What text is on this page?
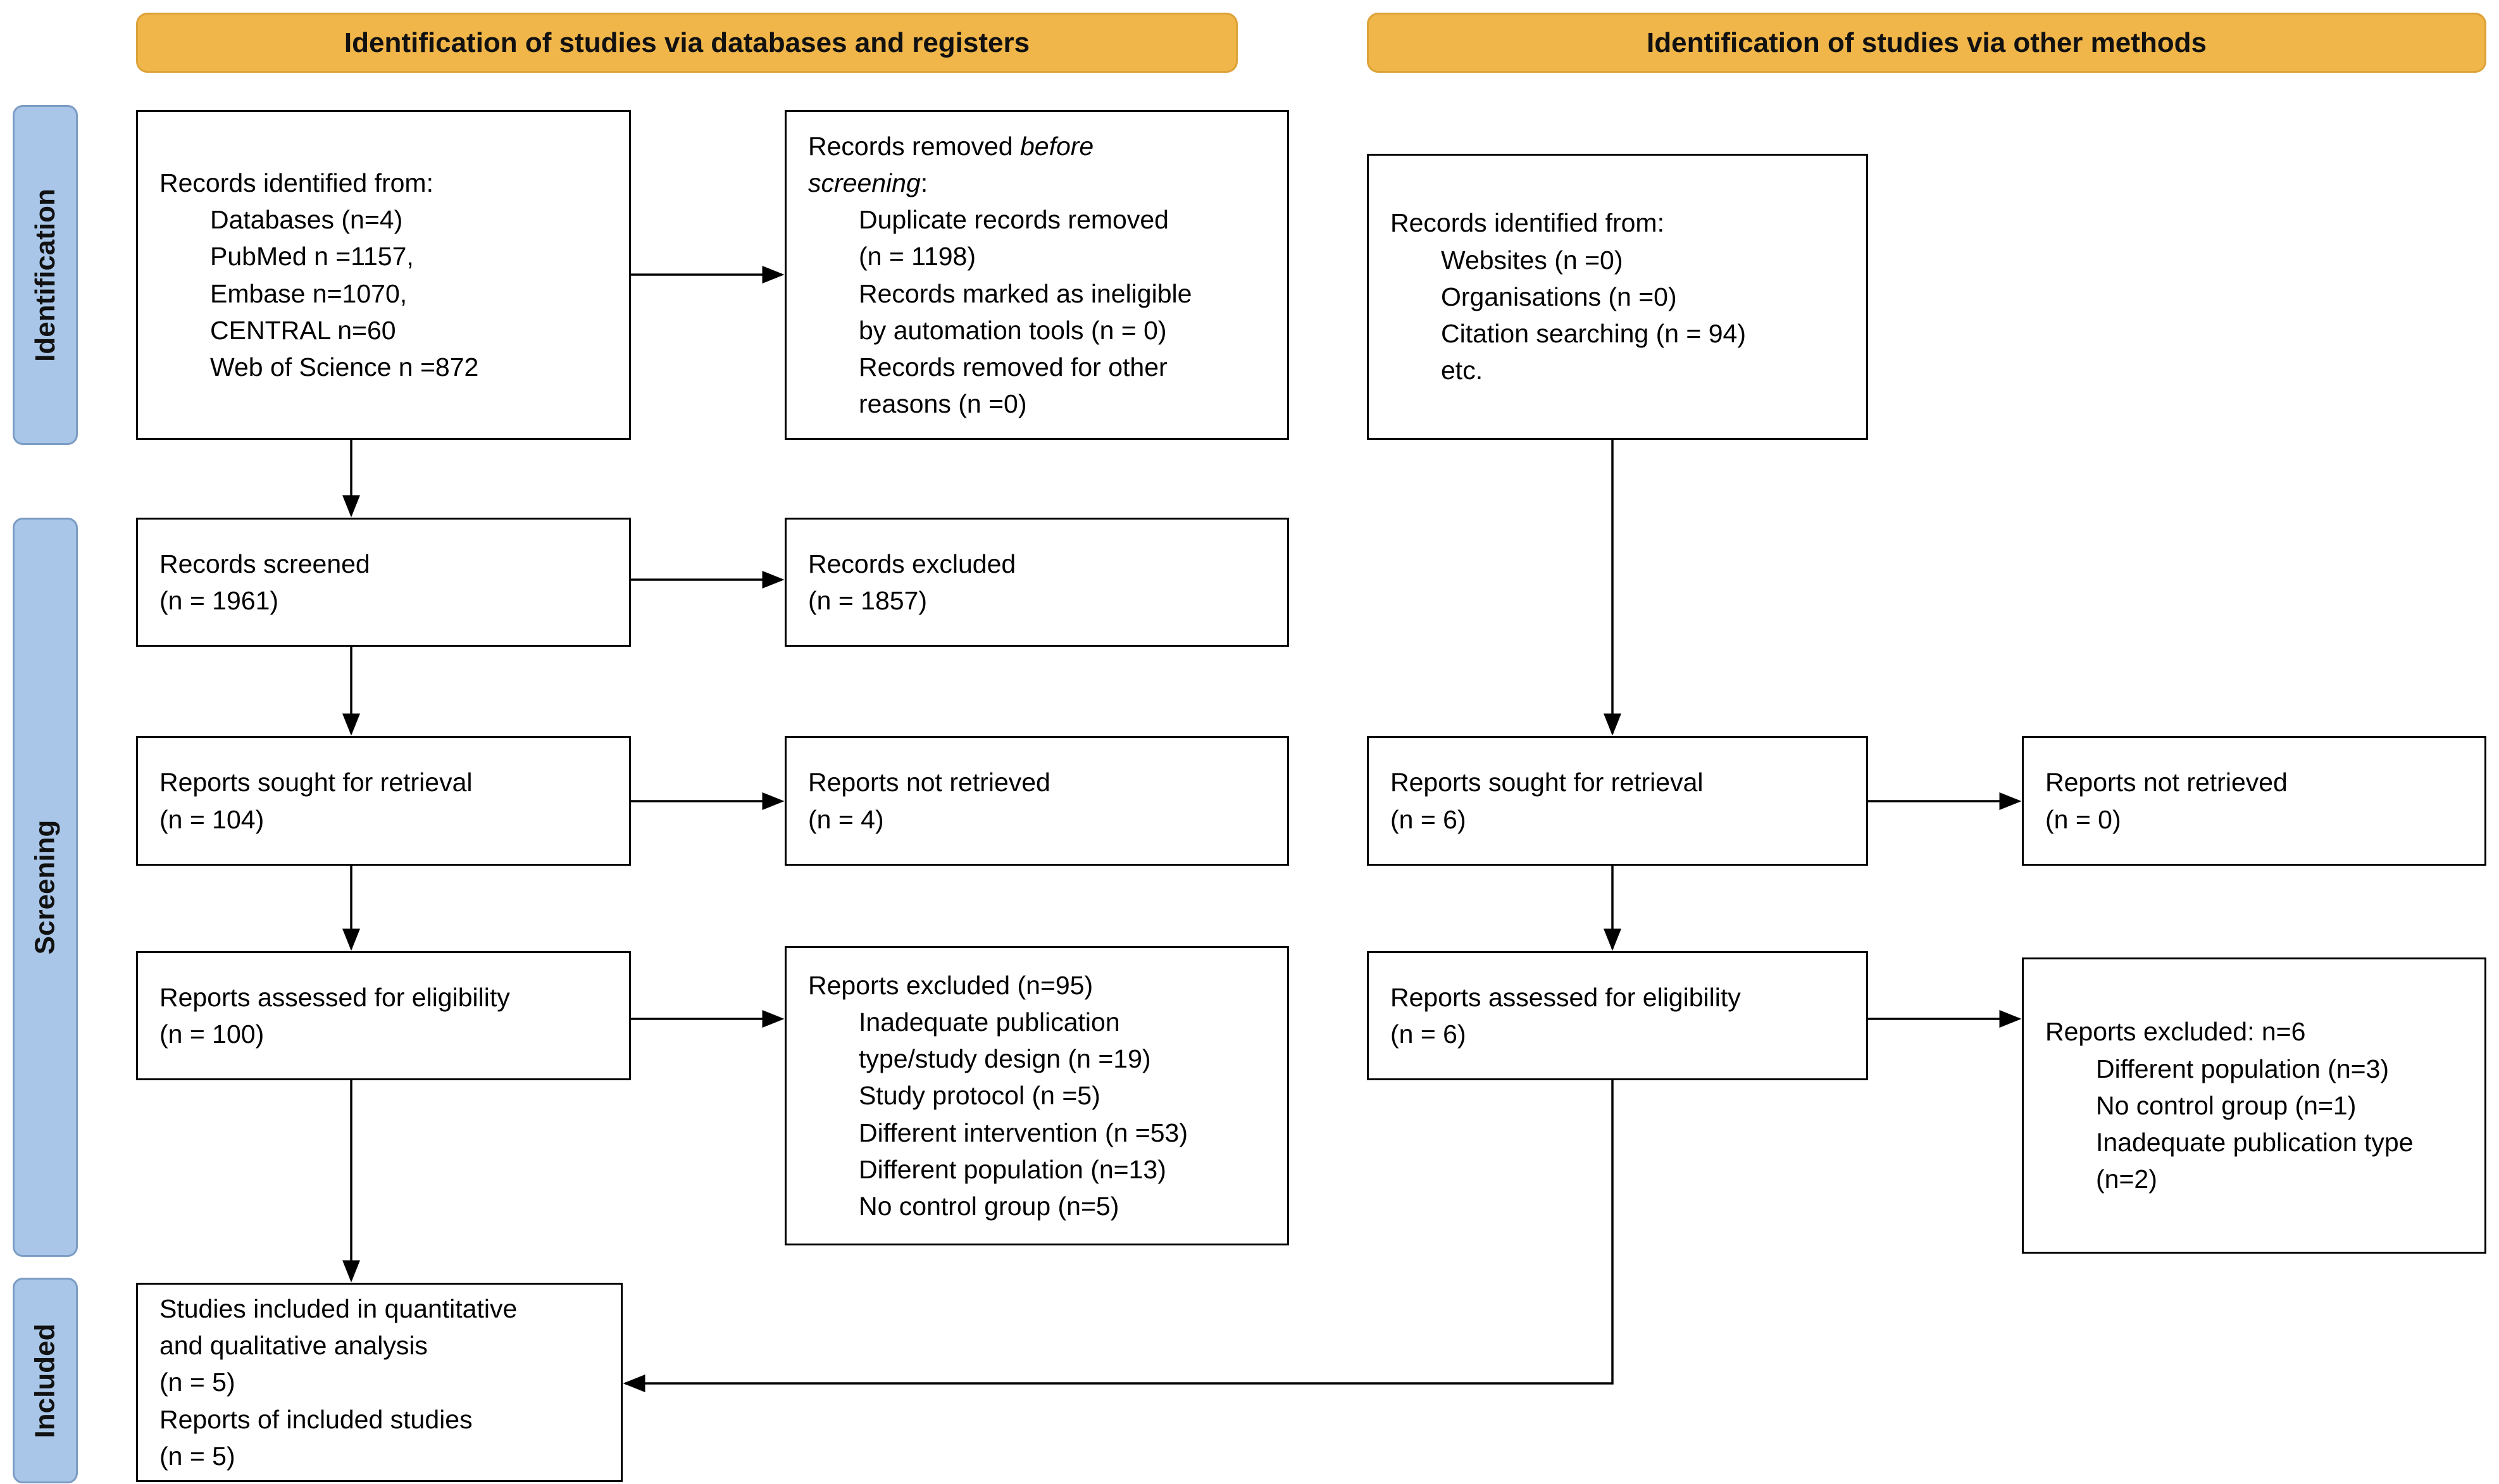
Identification of studies via databases and registers	Identification of studies via other methods
Identification
Screening
Included
Records identified from:
Databases (n=4)
PubMed n =1157,
Embase n=1070,
CENTRAL n=60
Web of Science n =872
Records screened
(n = 1961)
Reports sought for retrieval
(n = 104)
Reports assessed for eligibility
(n = 100)
Studies included in quantitative
and qualitative analysis
(n = 5)
Reports of included studies
(n = 5)
Records removed before
screening:
Duplicate records removed
(n = 1198)
Records marked as ineligible
by automation tools (n = 0)
Records removed for other
reasons (n =0)
Records excluded
(n = 1857)
Reports not retrieved
(n = 4)
Reports excluded (n=95)
Inadequate publication
type/study design (n =19)
Study protocol (n =5)
Different intervention (n =53)
Different population (n=13)
No control group (n=5)
Records identified from:
Websites (n =0)
Organisations (n =0)
Citation searching (n = 94)
etc.
Reports sought for retrieval
(n = 6)
Reports assessed for eligibility
(n = 6)
Reports not retrieved
(n = 0)
Reports excluded: n=6
Different population (n=3)
No control group (n=1)
Inadequate publication type
(n=2)
